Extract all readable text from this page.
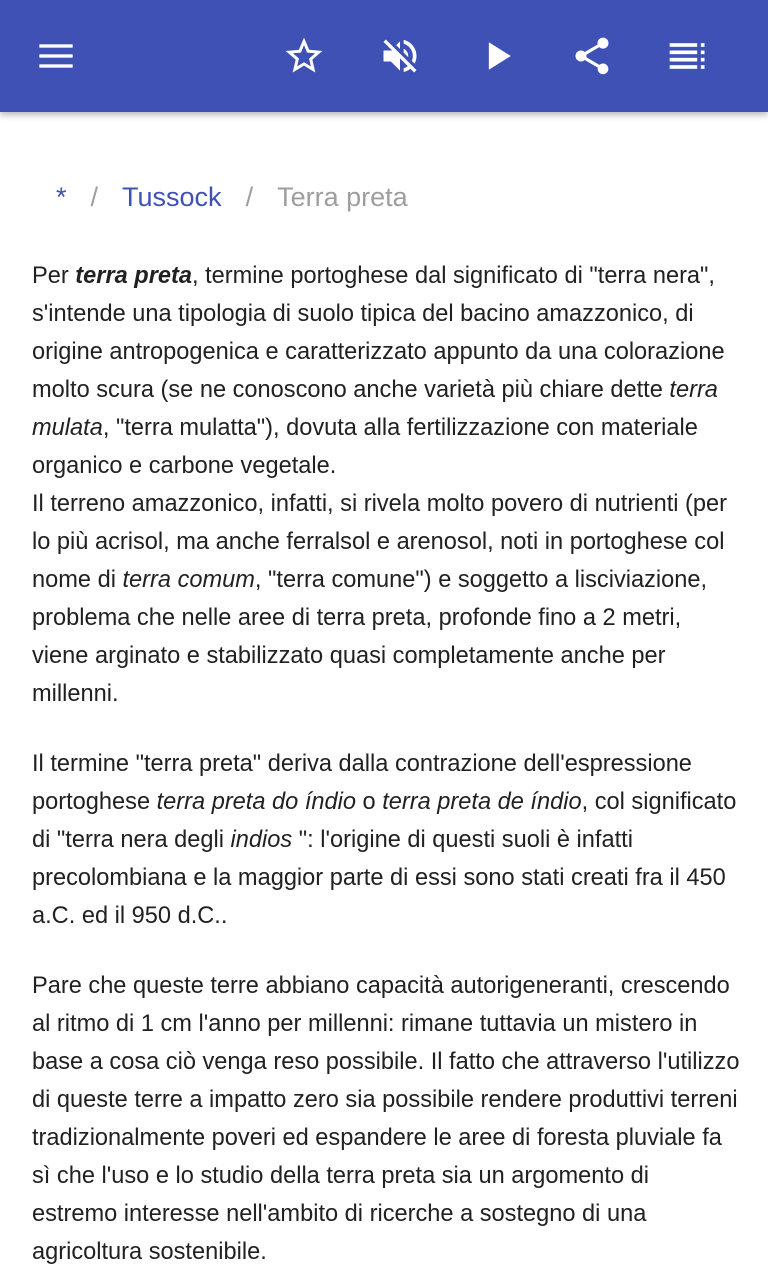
* / Tussock / Terra preta

Per terra preta, termine portoghese dal significato di "terra nera", s'intende una tipologia di suolo tipica del bacino amazzonico, di origine antropogenica e caratterizzato appunto da una colorazione molto scura (se ne conoscono anche varietà più chiare dette terra mulata, "terra mulatta"), dovuta alla fertilizzazione con materiale organico e carbone vegetale.

Il terreno amazzonico, infatti, si rivela molto povero di nutrienti (per lo più acrisol, ma anche ferralsol e arenosol, noti in portoghese col nome di terra comum, "terra comune") e soggetto a lisciviazione, problema che nelle aree di terra preta, profonde fino a 2 metri, viene arginato e stabilizzato quasi completamente anche per millenni.

Il termine "terra preta" deriva dalla contrazione dell'espressione portoghese terra preta do índio o terra preta de índio, col significato di "terra nera degli indios ": l'origine di questi suoli è infatti precolombiana e la maggior parte di essi sono stati creati fra il 450 a.C. ed il 950 d.C..

Pare che queste terre abbiano capacità autorigeneranti, crescendo al ritmo di 1 cm l'anno per millenni: rimane tuttavia un mistero in base a cosa ciò venga reso possibile. Il fatto che attraverso l'utilizzo di queste terre a impatto zero sia possibile rendere produttivi terreni tradizionalmente poveri ed espandere le aree di foresta pluviale fa sì che l'uso e lo studio della terra preta sia un argomento di estremo interesse nell'ambito di ricerche a sostegno di una agricoltura sostenibile.
